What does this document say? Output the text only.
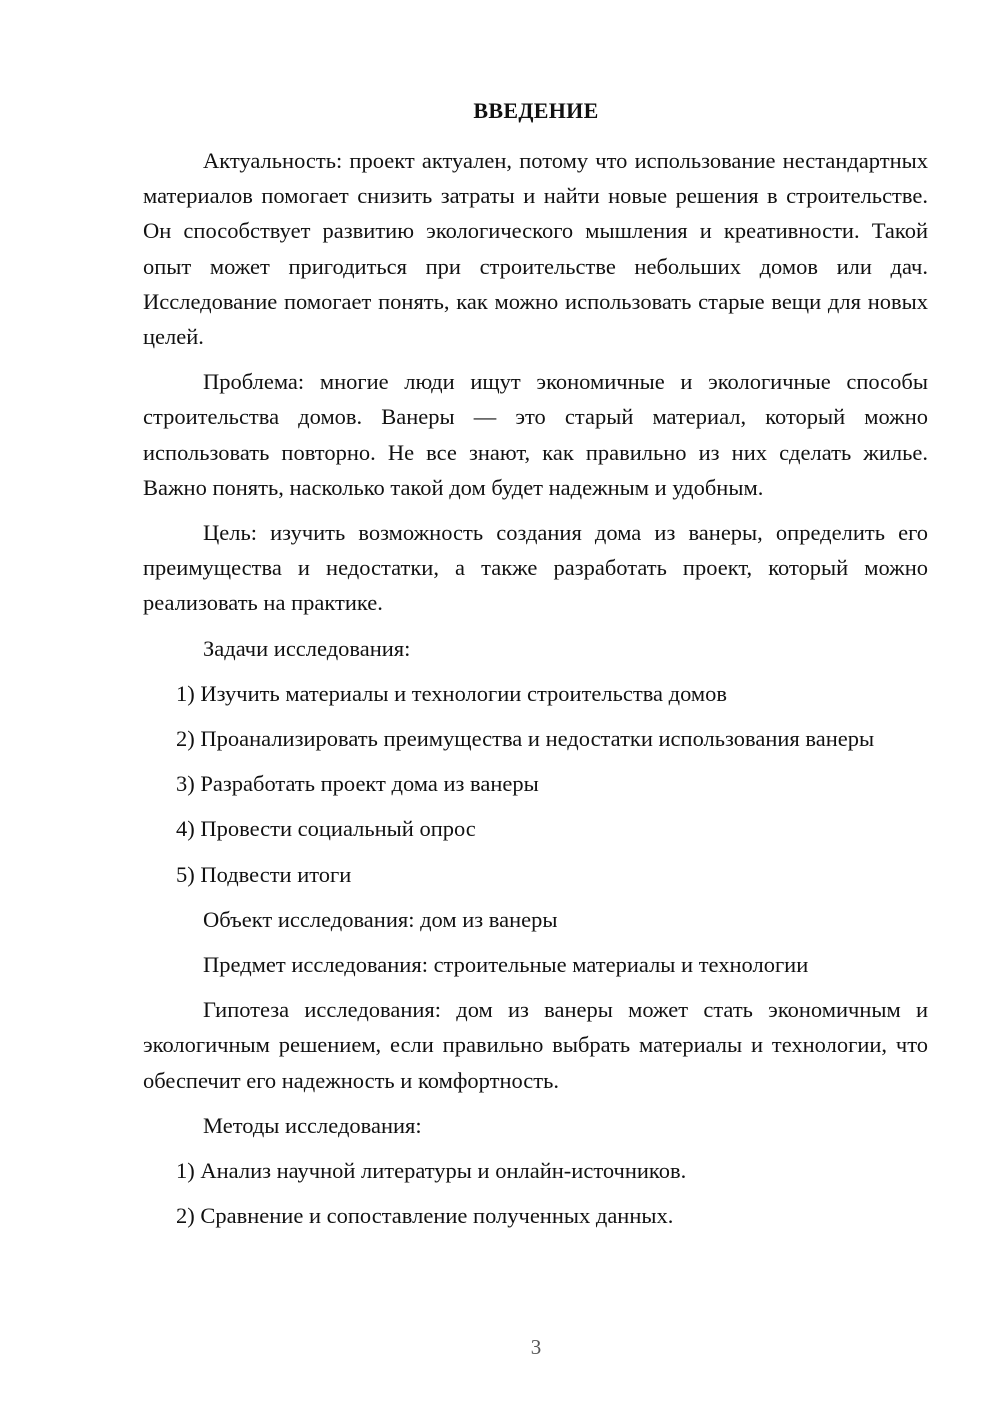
ВВЕДЕНИЕ

Актуальность: проект актуален, потому что использование нестандартных материалов помогает снизить затраты и найти новые решения в строительстве. Он способствует развитию экологического мышления и креативности. Такой опыт может пригодиться при строительстве небольших домов или дач. Исследование помогает понять, как можно использовать старые вещи для новых целей.

Проблема: многие люди ищут экономичные и экологичные способы строительства домов. Ванеры — это старый материал, который можно использовать повторно. Не все знают, как правильно из них сделать жилье. Важно понять, насколько такой дом будет надежным и удобным.

Цель: изучить возможность создания дома из ванеры, определить его преимущества и недостатки, а также разработать проект, который можно реализовать на практике.

Задачи исследования:

1) Изучить материалы и технологии строительства домов

2) Проанализировать преимущества и недостатки использования ванеры

3) Разработать проект дома из ванеры

4) Провести социальный опрос

5) Подвести итоги

Объект исследования: дом из ванеры

Предмет исследования: строительные материалы и технологии

Гипотеза исследования: дом из ванеры может стать экономичным и экологичным решением, если правильно выбрать материалы и технологии, что обеспечит его надежность и комфортность.

Методы исследования:

1) Анализ научной литературы и онлайн-источников.

2) Сравнение и сопоставление полученных данных.

3
